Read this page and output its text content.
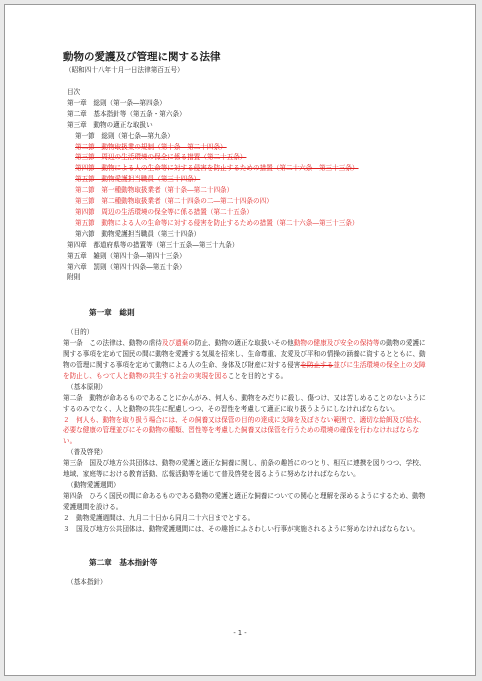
動物の愛護及び管理に関する法律
（昭和四十八年十月一日法律第百五号）
目次
第一章　総則（第一条―第四条）
第二章　基本指針等（第五条・第六条）
第三章　動物の適正な取扱い
第一節　総則（第七条―第九条）
第二節　動物取扱業の規制（第十条―第二十四条）
第三節　周辺の生活環境の保全に係る措置（第二十五条）
第四節　動物による人の生命等に対する侵害を防止するための措置（第二十六条―第三十三条）
第五節　動物愛護担当職員（第三十四条）
第二節　第一種動物取扱業者（第十条―第二十四条）
第三節　第二種動物取扱業者（第二十四条の二―第二十四条の四）
第四節　周辺の生活環境の保全等に係る措置（第二十五条）
第五節　動物による人の生命等に対する侵害を防止するための措置（第二十六条―第三十三条）
第六節　動物愛護担当職員（第三十四条）
第四章　都道府県等の措置等（第三十五条―第三十九条）
第五章　雑則（第四十条―第四十三条）
第六章　罰則（第四十四条―第五十条）
附則
第一章　総則
（目的）
第一条　この法律は、動物の虐待及び遺棄の防止、動物の適正な取扱いその他動物の健康及び安全の保持等の動物の愛護に関する事項を定めて国民の間に動物を愛護する気風を招来し、生命尊重、友愛及び平和の情操の涵養に資するとともに、動物の管理に関する事項を定めて動物による人の生命、身体及び財産に対する侵害を防止する並びに生活環境の保全上の支障を防止し、もつて人と動物の共生する社会の実現を図ることを目的とする。
（基本原則）
第二条　動物が命あるものであることにかんがみ、何人も、動物をみだりに殺し、傷つけ、又は苦しめることのないようにするのみでなく、人と動物の共生に配慮しつつ、その習性を考慮して適正に取り扱うようにしなければならない。
２　何人も、動物を取り扱う場合には、その飼養又は保管の目的の達成に支障を及ぼさない範囲で、適切な給餌及び給水、必要な健康の管理並びにその動物の種類、習性等を考慮した飼養又は保管を行うための環境の確保を行わなければならない。
（普及啓発）
第三条　国及び地方公共団体は、動物の愛護と適正な飼養に関し、前条の趣旨にのつとり、相互に連携を図りつつ、学校、地域、家庭等における教育活動、広報活動等を通じて普及啓発を図るように努めなければならない。
（動物愛護週間）
第四条　ひろく国民の間に命あるものである動物の愛護と適正な飼養についての関心と理解を深めるようにするため、動物愛護週間を設ける。
２　動物愛護週間は、九月二十日から同月二十六日までとする。
３　国及び地方公共団体は、動物愛護週間には、その趣旨にふさわしい行事が実施されるように努めなければならない。
第二章　基本指針等
（基本指針）
- 1 -
